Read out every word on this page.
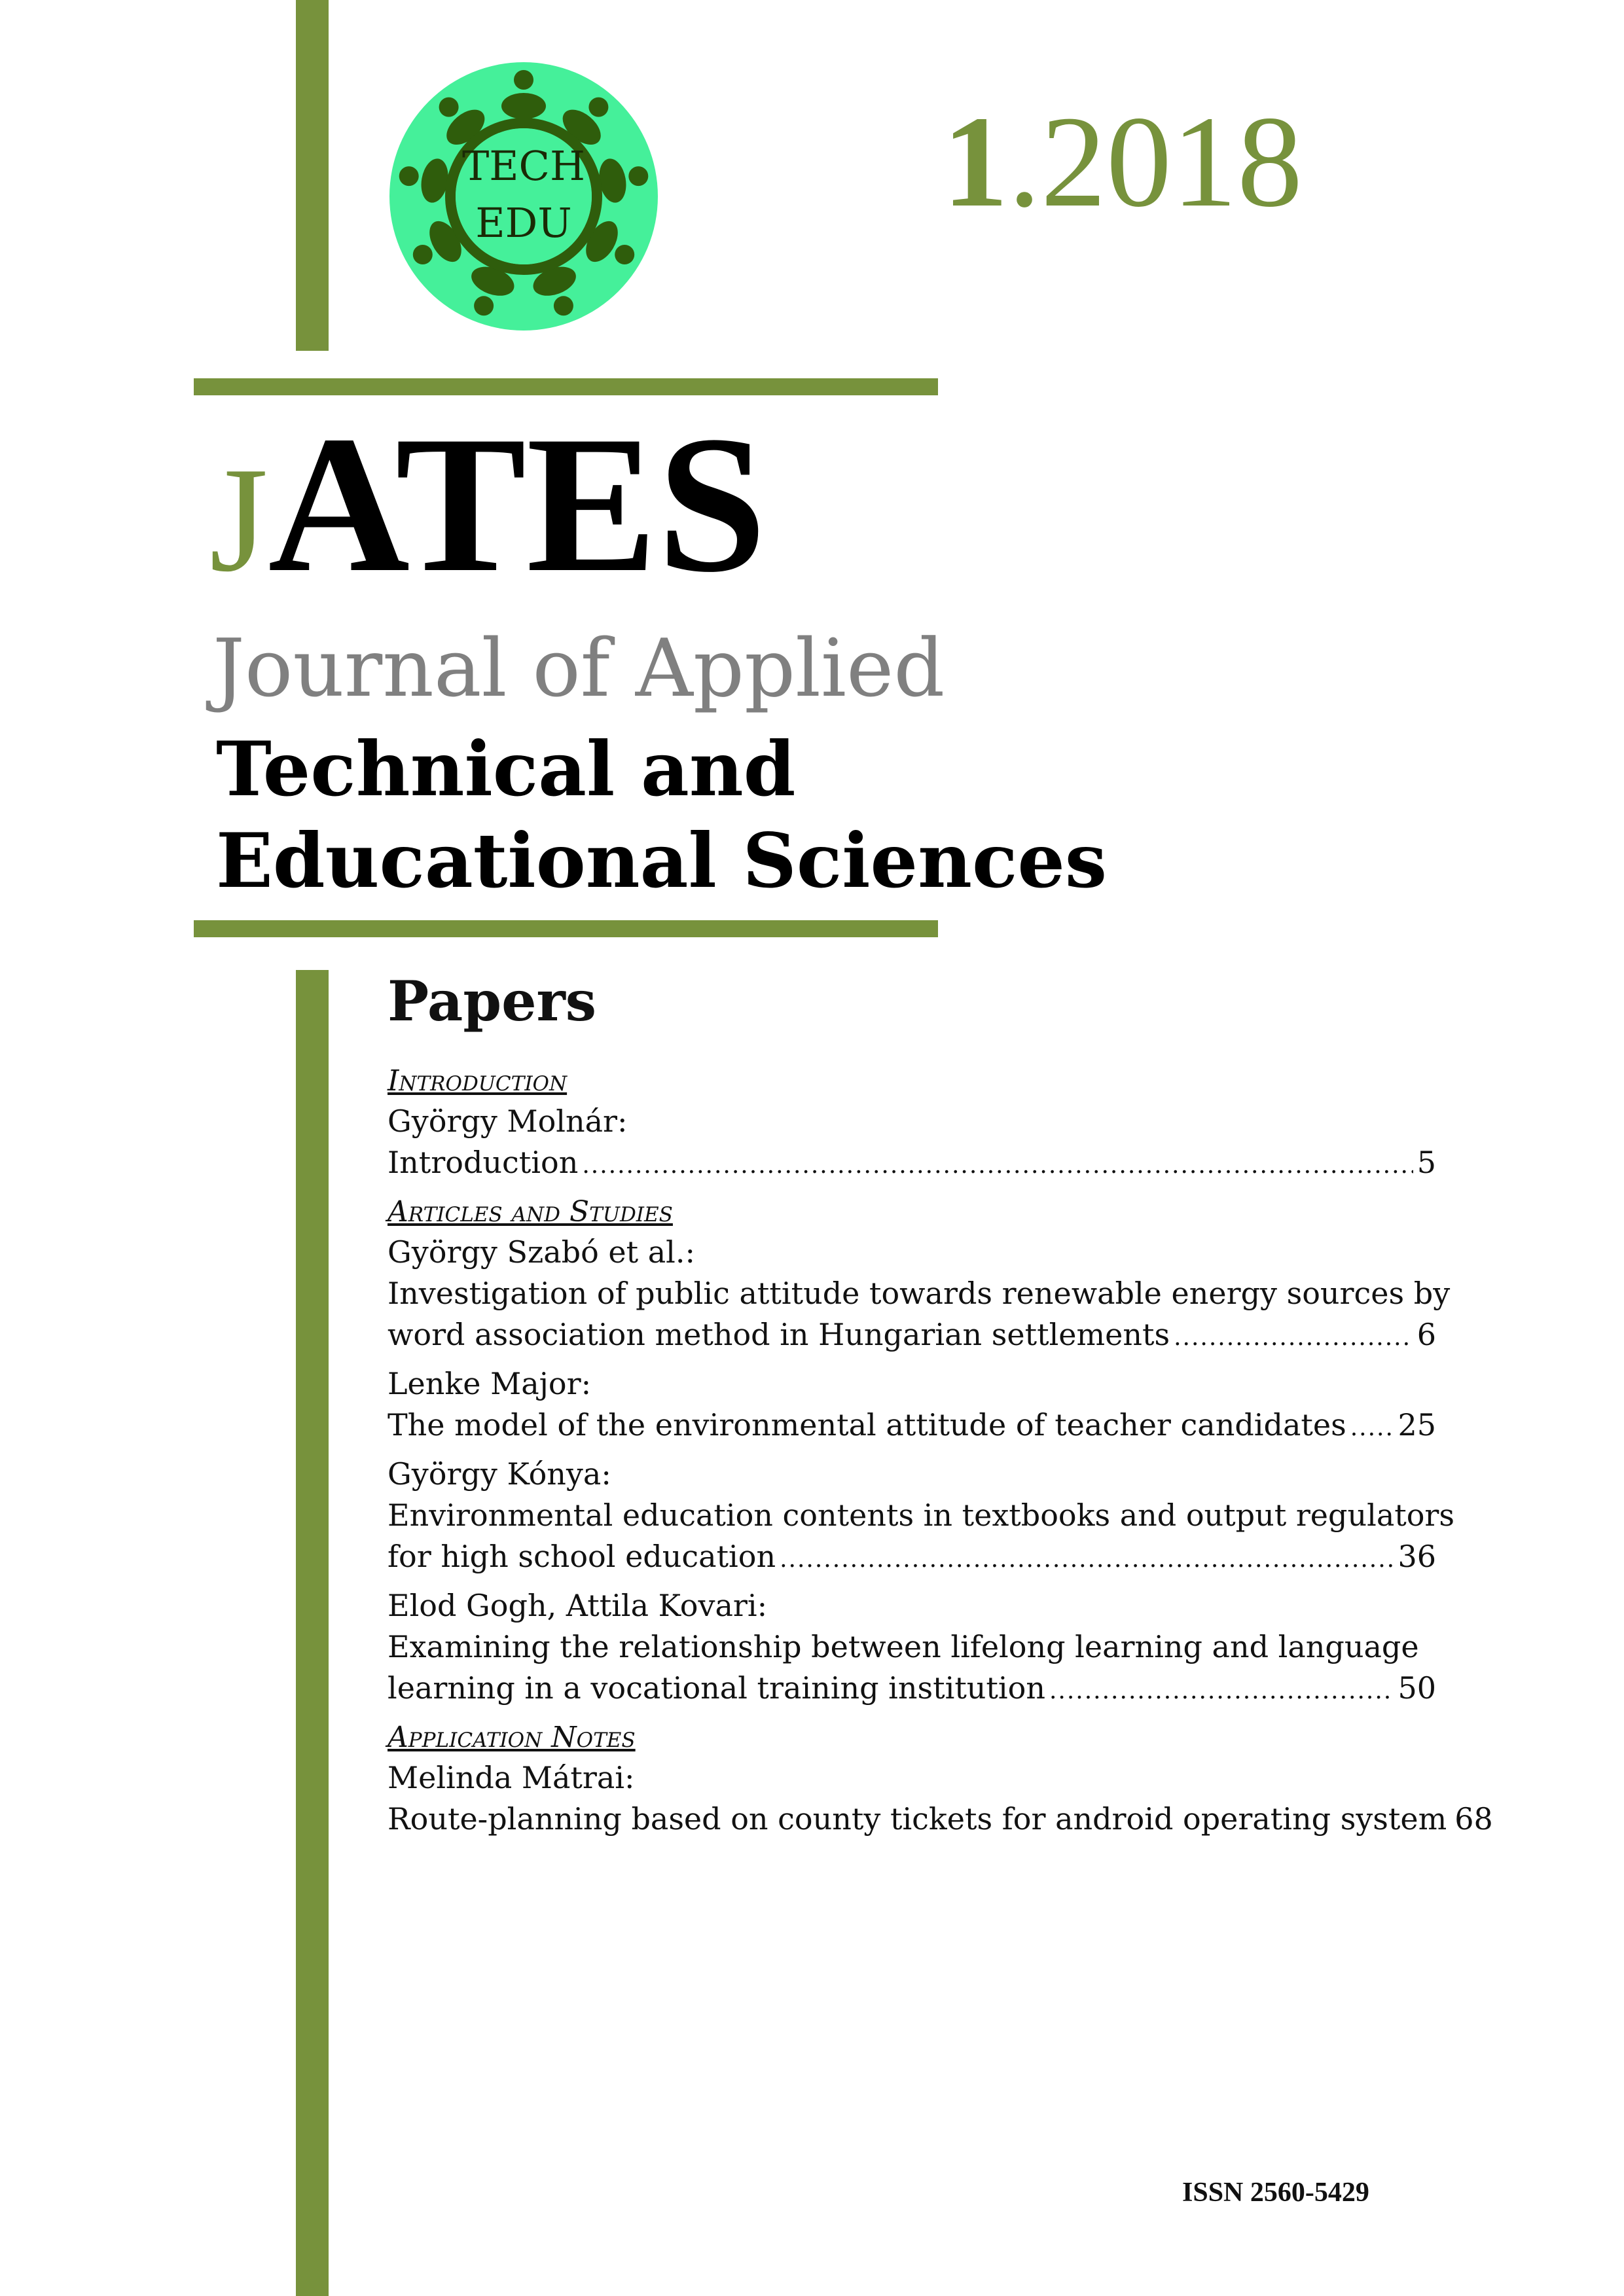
TECH
EDU	1.2018
JATES
Journal of Applied
Technical and
Educational Sciences
Papers
Introduction
György Molnár:
Introduction .....	5
Articles and Studies
György Szabó et al.:
Investigation of public attitude towards renewable energy sources by
word association method in Hungarian settlements .....	6
Lenke Major:
The model of the environmental attitude of teacher candidates ..... 25
György Kónya:
Environmental education contents in textbooks and output regulators
for high school education .....	36
Elod Gogh, Attila Kovari:
Examining the relationship between lifelong learning and language
learning in a vocational training institution .....	50
Application Notes
Melinda Mátrai:
Route-planning based on county tickets for android operating system 68
ISSN 2560-5429
